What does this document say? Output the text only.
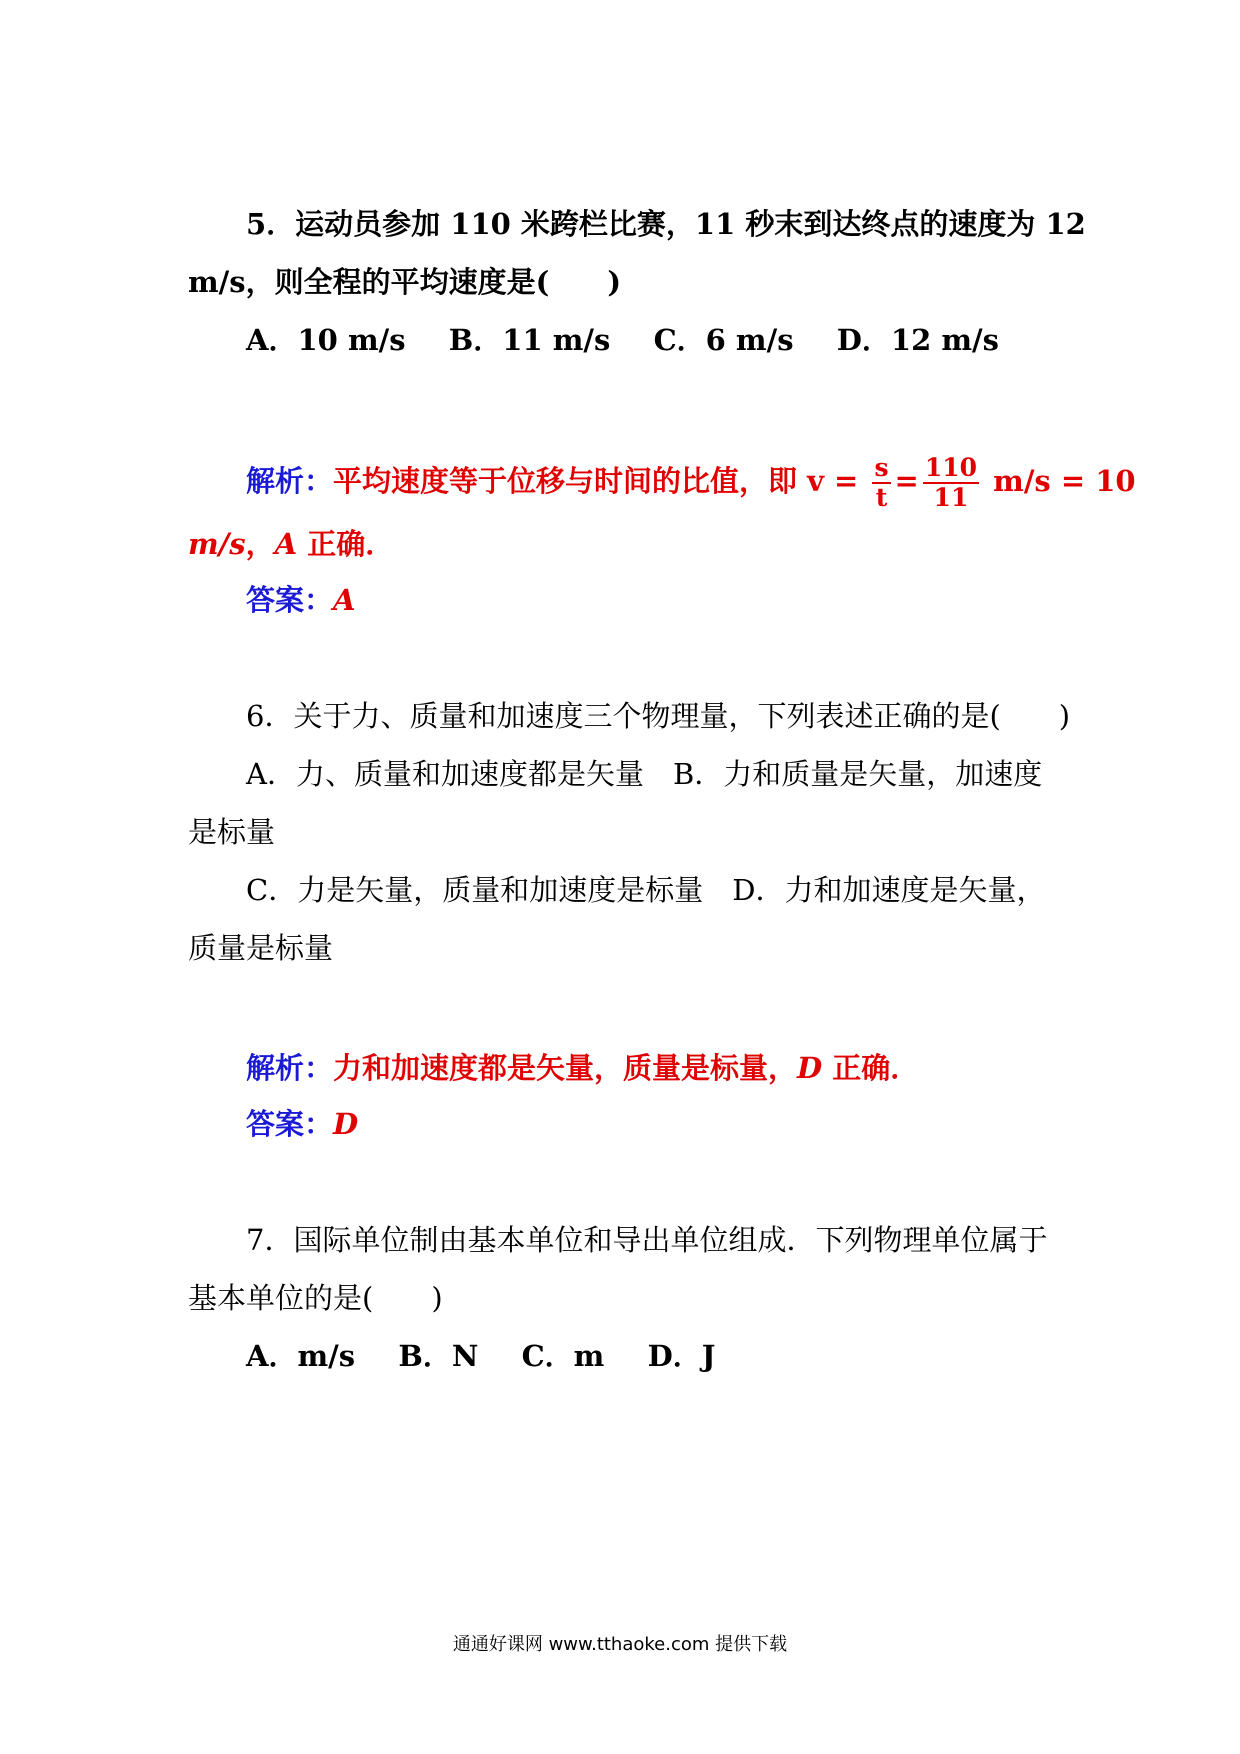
5．运动员参加 110 米跨栏比赛，11 秒末到达终点的速度为 12
m/s，则全程的平均速度是(　　)
A．10 m/s B．11 m/s C．6 m/s D．12 m/s
解析：平均速度等于位移与时间的比值，即 $v = \frac{s}{t} = \frac{110}{11} m/s = 10$
m/s，A 正确．
答案：A
6．关于力、质量和加速度三个物理量，下列表述正确的是(　　)
A．力、质量和加速度都是矢量　B．力和质量是矢量，加速度
是标量
C．力是矢量，质量和加速度是标量　D．力和加速度是矢量，
质量是标量
解析：力和加速度都是矢量，质量是标量，D 正确．
答案：D
7．国际单位制由基本单位和导出单位组成．下列物理单位属于
基本单位的是(　　)
A．m/s B．N C．m D．J
通通好课网 www.tthaoke.com 提供下载
